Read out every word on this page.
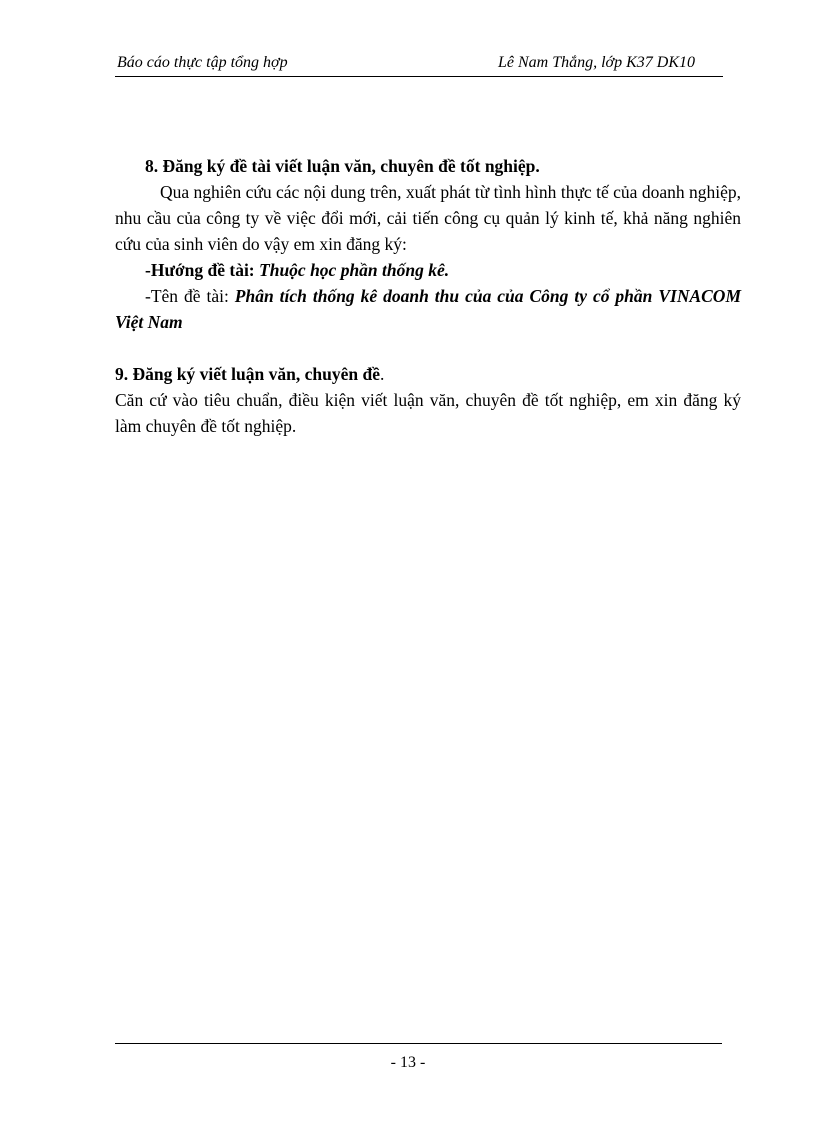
Báo cáo thực tập tổng hợp	Lê Nam Thắng, lớp K37 DK10

8. Đăng ký đề tài viết luận văn, chuyên đề tốt nghiệp.

Qua nghiên cứu các nội dung trên, xuất phát từ tình hình thực tế của doanh nghiệp, nhu cầu của công ty về việc đổi mới, cải tiến công cụ quản lý kinh tế, khả năng nghiên cứu của sinh viên do vậy em xin đăng ký:

-Hướng đề tài: Thuộc học phần thống kê.

-Tên đề tài: Phân tích thống kê doanh thu của của Công ty cổ phần VINACOM Việt Nam

9. Đăng ký viết luận văn, chuyên đề.

Căn cứ vào tiêu chuẩn, điều kiện viết luận văn, chuyên đề tốt nghiệp, em xin đăng ký làm chuyên đề tốt nghiệp.

- 13 -
